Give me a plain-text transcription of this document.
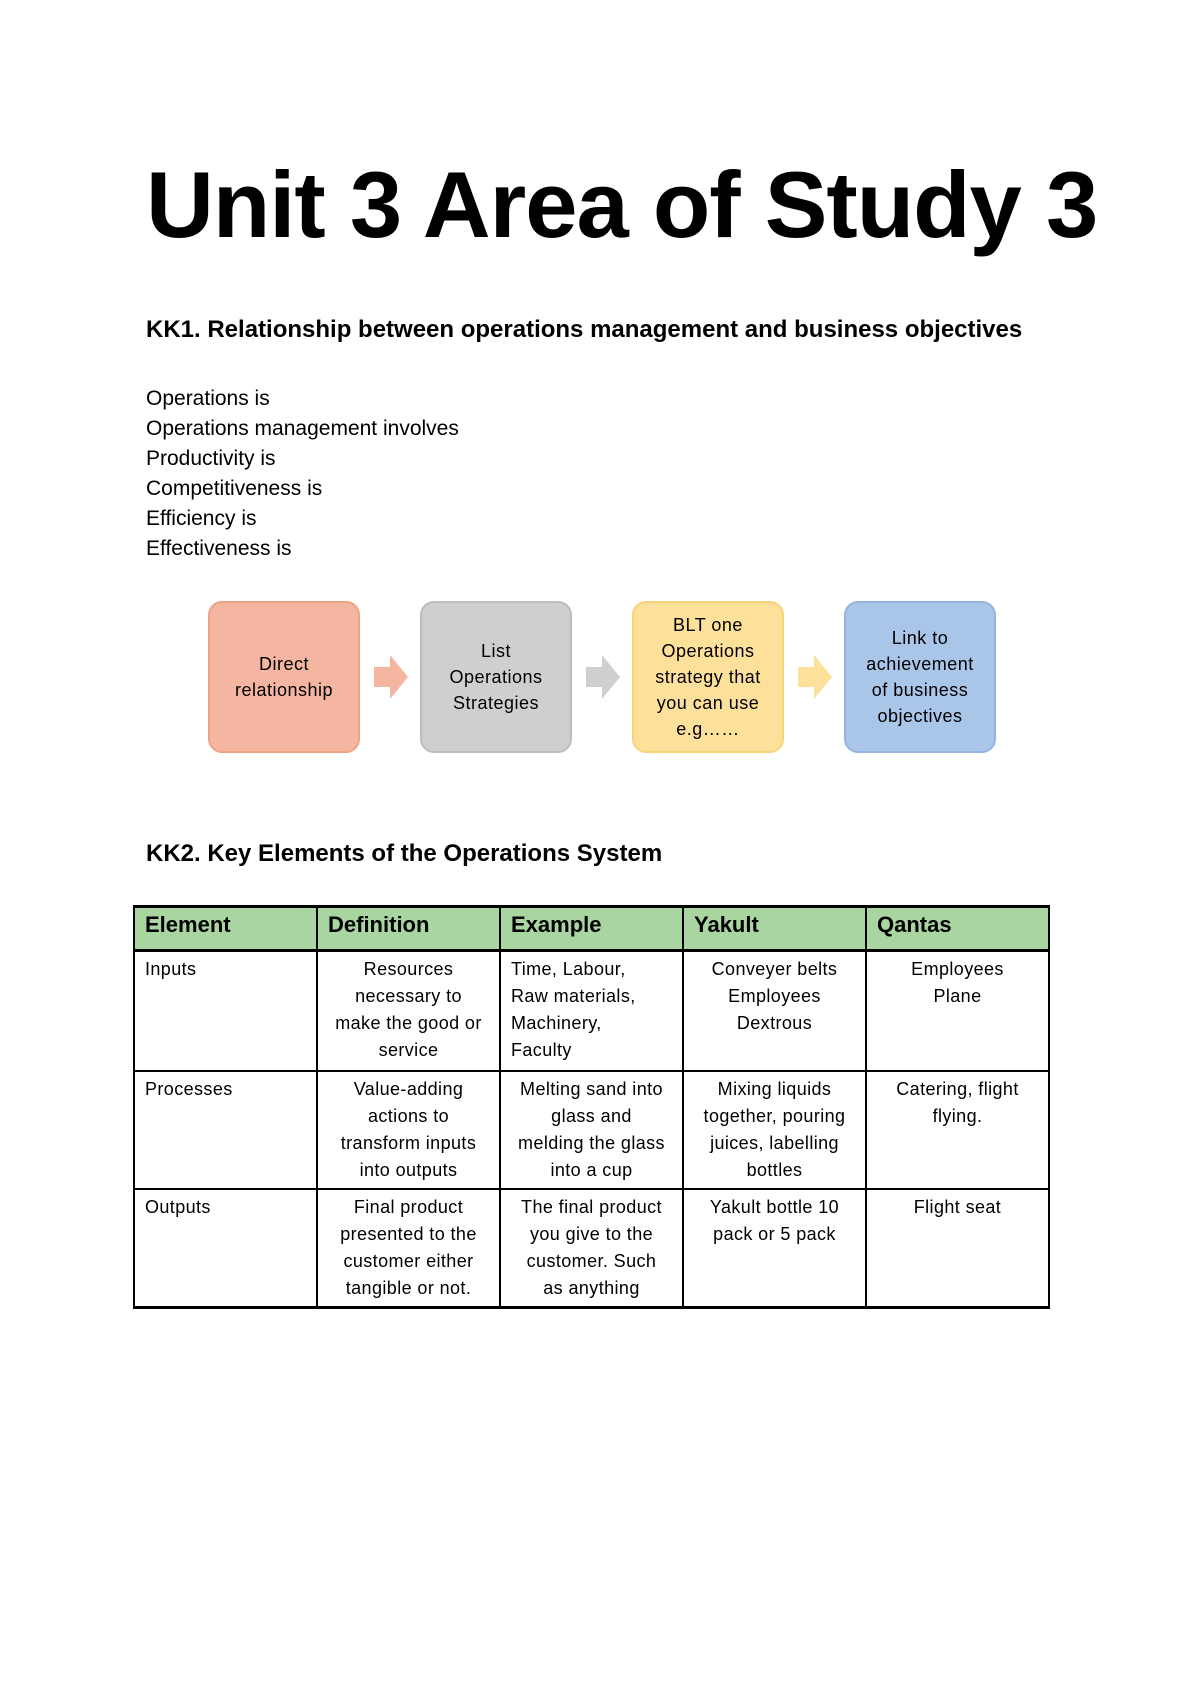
Unit 3 Area of Study 3
KK1. Relationship between operations management and business objectives
Operations is
Operations management involves
Productivity is
Competitiveness is
Efficiency is
Effectiveness is
Direct
relationship
List
Operations
Strategies
BLT one
Operations
strategy that
you can use
e.g……
Link to
achievement
of business
objectives
KK2. Key Elements of the Operations System
Element	Definition	Example	Yakult	Qantas

Inputs	Resources
necessary to
make the good or
service	Time, Labour,
Raw materials,
Machinery,
Faculty	Conveyer belts
Employees
Dextrous	Employees
Plane

Processes	Value-adding
actions to
transform inputs
into outputs	Melting sand into
glass and
melding the glass
into a cup	Mixing liquids
together, pouring
juices, labelling
bottles	Catering, flight
flying.

Outputs	Final product
presented to the
customer either
tangible or not.	The final product
you give to the
customer. Such
as anything	Yakult bottle 10
pack or 5 pack	Flight seat
